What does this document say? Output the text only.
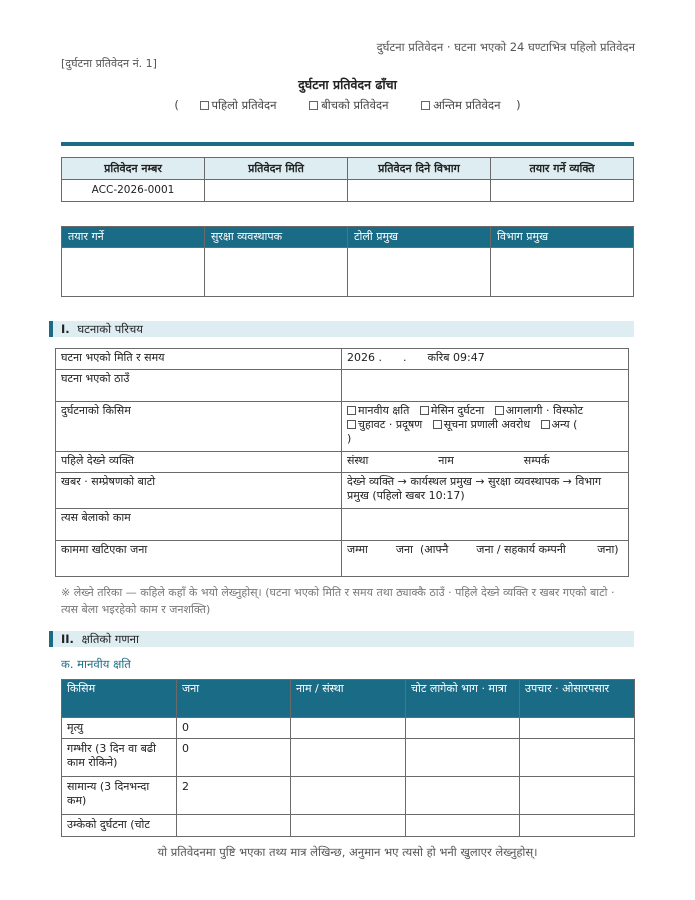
दुर्घटना प्रतिवेदन · घटना भएको 24 घण्टाभित्र पहिलो प्रतिवेदन
[दुर्घटना प्रतिवेदन नं. 1]
दुर्घटना प्रतिवेदन ढाँचा
(	पहिलो प्रतिवेदन	बीचको प्रतिवेदन	अन्तिम प्रतिवेदन )
प्रतिवेदन नम्बर	प्रतिवेदन मिति	प्रतिवेदन दिने विभाग	तयार गर्ने व्यक्ति
ACC-2026-0001			
तयार गर्ने	सुरक्षा व्यवस्थापक	टोली प्रमुख	विभाग प्रमुख

I. घटनाको परिचय
घटना भएको मिति र समय	2026 .      .      करिब 09:47
घटना भएको ठाउँ	
दुर्घटनाको किसिम	मानवीय क्षति मेसिन दुर्घटना आगलागी · विस्फोट
चुहावट · प्रदूषण सूचना प्रणाली अवरोध अन्य (
)

पहिले देख्ने व्यक्ति	संस्था                    नाम                    सम्पर्क
खबर · सम्प्रेषणको बाटो	देख्ने व्यक्ति → कार्यस्थल प्रमुख → सुरक्षा व्यवस्थापक → विभाग प्रमुख (पहिलो खबर 10:17)
त्यस बेलाको काम	
काममा खटिएका जना	जम्मा        जना  (आफ्नै        जना / सहकार्य कम्पनी         जना)
※ लेख्ने तरिका — कहिले कहाँ के भयो लेख्नुहोस्। (घटना भएको मिति र समय तथा ठ्याक्कै ठाउँ · पहिले देख्ने व्यक्ति र खबर गएको बाटो · त्यस बेला भइरहेको काम र जनशक्ति)
II. क्षतिको गणना
क. मानवीय क्षति
किसिम	जना	नाम / संस्था	चोट लागेको भाग · मात्रा	उपचार · ओसारपसार
मृत्यु	0			
गम्भीर (3 दिन वा बढी काम रोकिने)	0			
सामान्य (3 दिनभन्दा कम)	2			
उम्केको दुर्घटना (चोट				
यो प्रतिवेदनमा पुष्टि भएका तथ्य मात्र लेखिन्छ, अनुमान भए त्यसो हो भनी खुलाएर लेख्नुहोस्।
